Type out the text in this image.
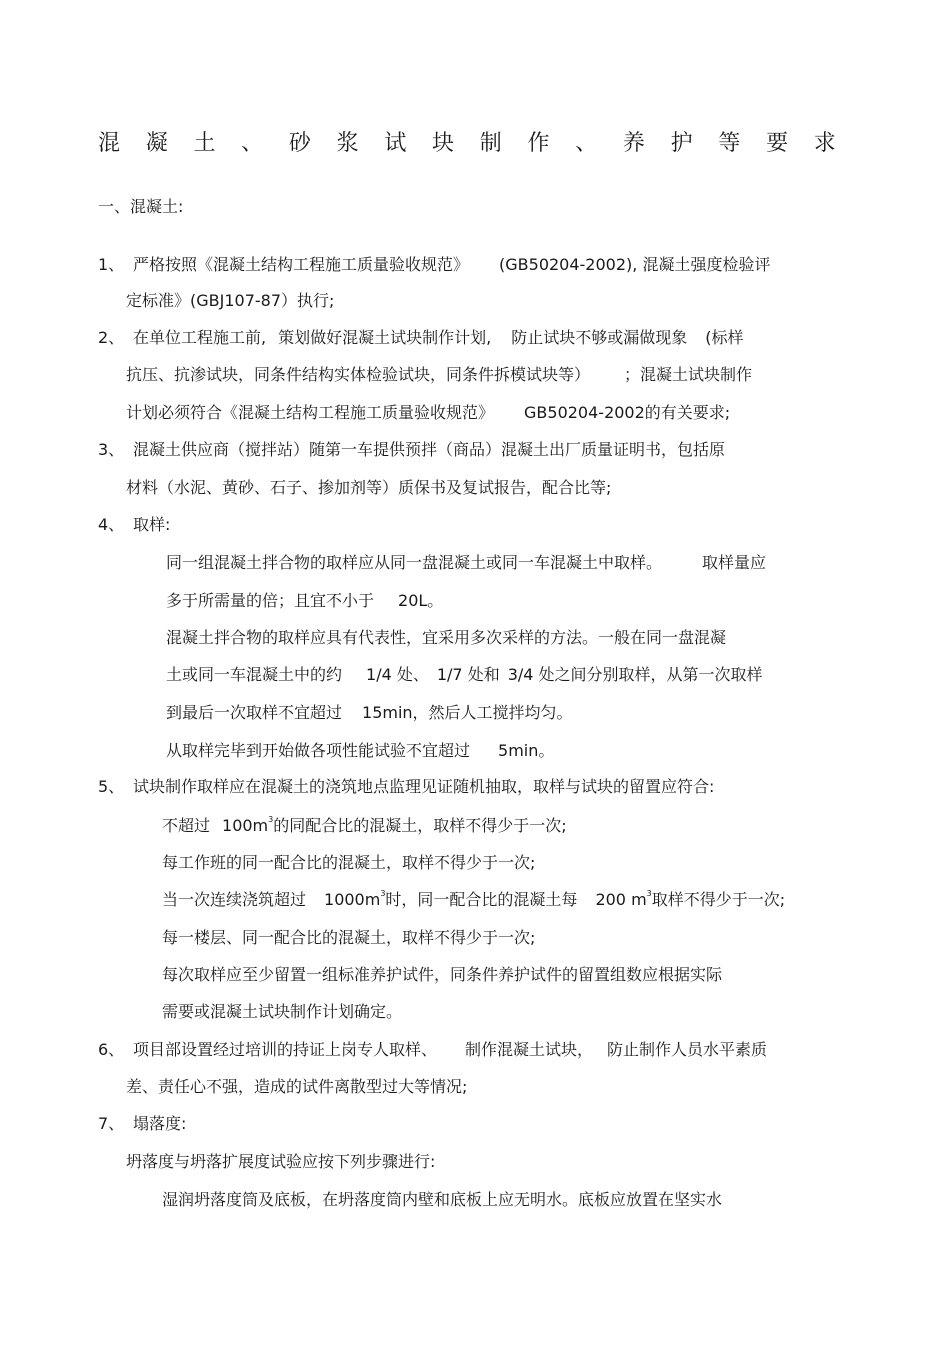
混 凝 土 、 砂 浆 试 块 制 作 、 养 护 等 要 求
一、混凝土:
1、 严格按照《混凝土结构工程施工质量验收规范》 (GB50204-2002), 混凝土强度检验评
定标准》(GBJ107-87）执行;
2、 在单位工程施工前, 策划做好混凝土试块制作计划, 防止试块不够或漏做现象 (标样
抗压、抗渗试块，同条件结构实体检验试块，同条件拆模试块等） ；混凝土试块制作
计划必须符合《混凝土结构工程施工质量验收规范》 GB50204-2002的有关要求;
3、 混凝土供应商（搅拌站）随第一车提供预拌（商品）混凝土出厂质量证明书，包括原
材料（水泥、黄砂、石子、掺加剂等）质保书及复试报告，配合比等;
4、 取样:
同一组混凝土拌合物的取样应从同一盘混凝土或同一车混凝土中取样。	取样量应
多于所需量的倍；且宜不小于 20L。
混凝土拌合物的取样应具有代表性，宜采用多次采样的方法。一般在同一盘混凝
土或同一车混凝土中的约 1/4 处、 1/7 处和 3/4 处之间分别取样，从第一次取样
到最后一次取样不宜超过 15min，然后人工搅拌均匀。
从取样完毕到开始做各项性能试验不宜超过 5min。
5、 试块制作取样应在混凝土的浇筑地点监理见证随机抽取，取样与试块的留置应符合:
不超过 $100m^3$的同配合比的混凝土，取样不得少于一次;
每工作班的同一配合比的混凝土，取样不得少于一次;
当一次连续浇筑超过 $1000m^3$时，同一配合比的混凝土每 200 $m^3$取样不得少于一次;
每一楼层、同一配合比的混凝土，取样不得少于一次;
每次取样应至少留置一组标准养护试件，同条件养护试件的留置组数应根据实际
需要或混凝土试块制作计划确定。
6、 项目部设置经过培训的持证上岗专人取样、 制作混凝土试块， 防止制作人员水平素质
差、责任心不强，造成的试件离散型过大等情况;
7、 塌落度:
坍落度与坍落扩展度试验应按下列步骤进行:
湿润坍落度筒及底板，在坍落度筒内壁和底板上应无明水。底板应放置在坚实水
